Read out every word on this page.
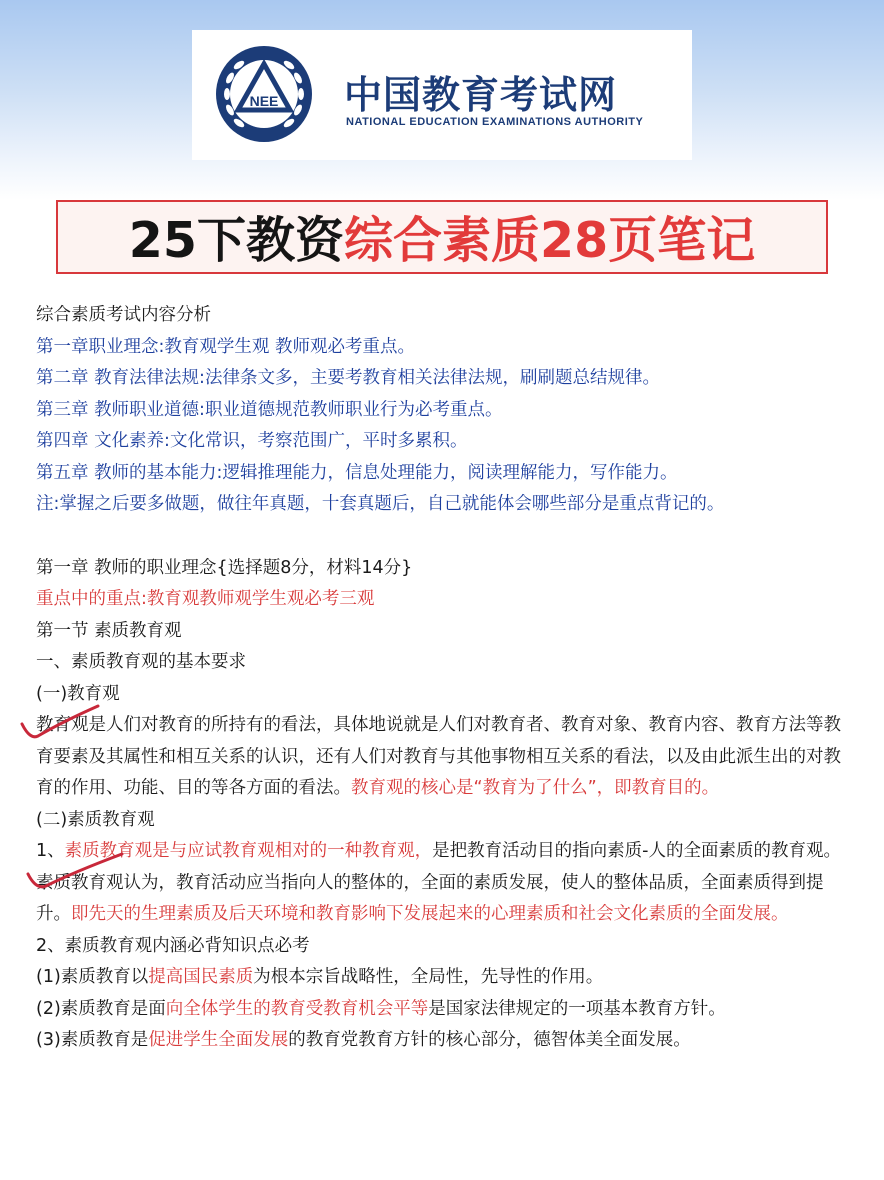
NEE 中国教育考试网
NATIONAL EDUCATION EXAMINATIONS AUTHORITY
25下教资 综合素质28页笔记

综合素质考试内容分析

第一章职业理念:教育观学生观 教师观必考重点。

第二章 教育法律法规:法律条文多，主要考教育相关法律法规，刷刷题总结规律。

第三章 教师职业道德:职业道德规范教师职业行为必考重点。

第四章 文化素养:文化常识，考察范围广，平时多累积。

第五章 教师的基本能力:逻辑推理能力，信息处理能力，阅读理解能力，写作能力。

注:掌握之后要多做题，做往年真题，十套真题后，自己就能体会哪些部分是重点背记的。

第一章 教师的职业理念{选择题8分，材料14分}

重点中的重点:教育观教师观学生观必考三观

第一节 素质教育观

一、素质教育观的基本要求

(一)教育观

教育观是人们对教育的所持有的看法，具体地说就是人们对教育者、教育对象、教育内容、教育方法等教育要素及其属性和相互关系的认识，还有人们对教育与其他事物相互关系的看法，以及由此派生出的对教育的作用、功能、目的等各方面的看法。教育观的核心是“教育为了什么”，即教育目的。

(二)素质教育观

1、素质教育观是与应试教育观相对的一种教育观，是把教育活动目的指向素质-人的全面素质的教育观。素质教育观认为，教育活动应当指向人的整体的，全面的素质发展，使人的整体品质，全面素质得到提升。即先天的生理素质及后天环境和教育影响下发展起来的心理素质和社会文化素质的全面发展。

2、素质教育观内涵必背知识点必考

(1)素质教育以提高国民素质为根本宗旨战略性，全局性，先导性的作用。

(2)素质教育是面向全体学生的教育受教育机会平等是国家法律规定的一项基本教育方针。

(3)素质教育是促进学生全面发展的教育党教育方针的核心部分，德智体美全面发展。
